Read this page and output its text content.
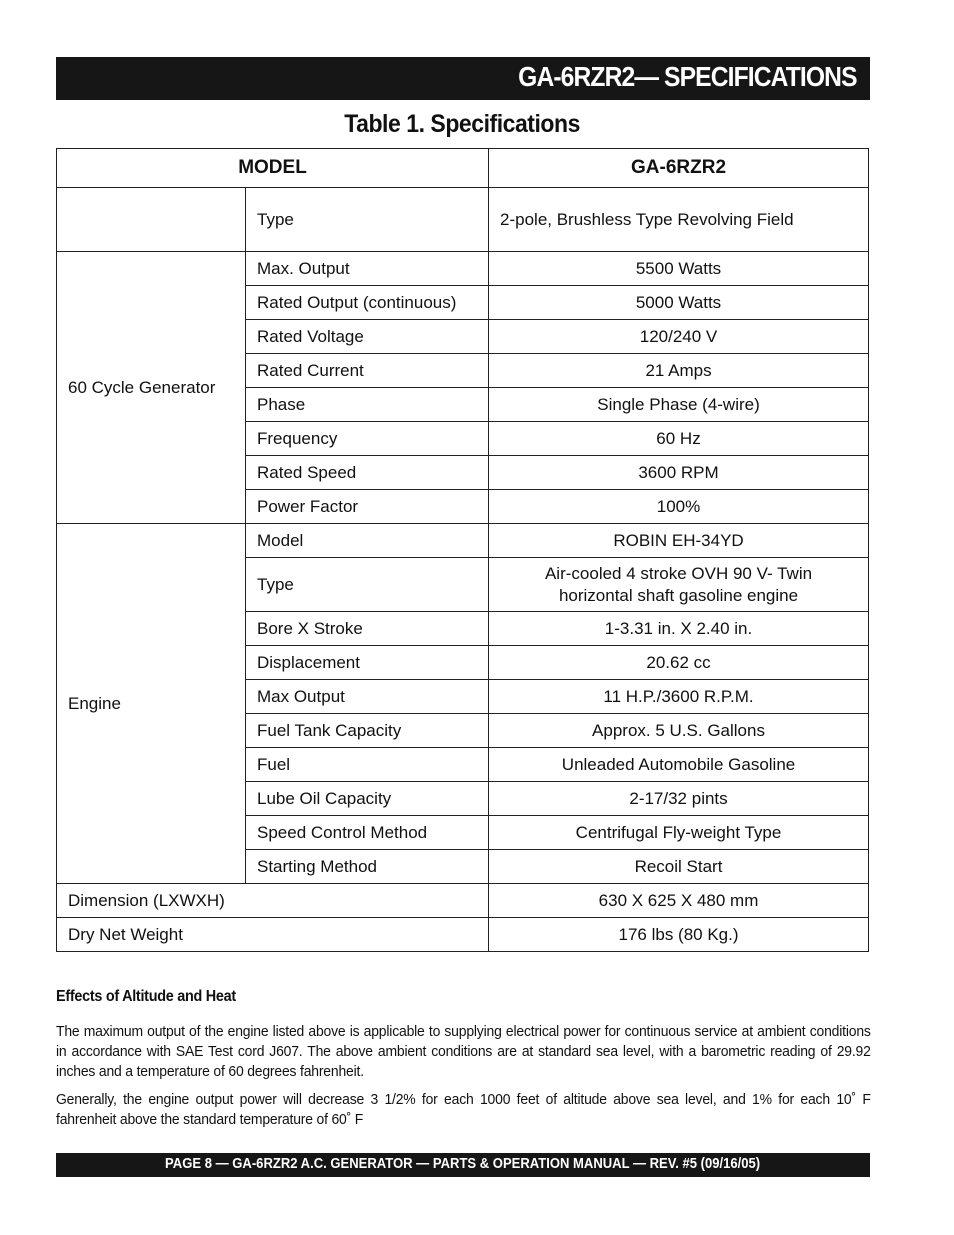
GA-6RZR2— SPECIFICATIONS
Table 1. Specifications
MODEL		GA-6RZR2
	Type	2-pole, Brushless Type Revolving Field
60 Cycle Generator	Max. Output	5500 Watts
	Rated Output (continuous)	5000 Watts
	Rated Voltage	120/240 V
	Rated Current	21 Amps
	Phase	Single Phase (4-wire)
	Frequency	60 Hz
	Rated Speed	3600 RPM
	Power Factor	100%
Engine	Model	ROBIN EH-34YD
	Type	Air-cooled 4 stroke OVH 90 V- Twin
horizontal shaft gasoline engine

	Bore X Stroke	1-3.31 in. X 2.40 in.
	Displacement	20.62 cc
	Max Output	11 H.P./3600 R.P.M.
	Fuel Tank Capacity	Approx. 5 U.S. Gallons
	Fuel	Unleaded Automobile Gasoline
	Lube Oil Capacity	2-17/32 pints
	Speed Control Method	Centrifugal Fly-weight Type
	Starting Method	Recoil Start
Dimension (LXWXH)		630 X 625 X 480 mm
Dry Net Weight		176 lbs (80 Kg.)
Effects of Altitude and Heat
The maximum output of the engine listed above is applicable to supplying electrical power for continuous service at ambient conditions in accordance with SAE Test cord J607. The above ambient conditions are at standard sea level, with a barometric reading of 29.92 inches and a temperature of 60 degrees fahrenheit.
Generally, the engine output power will decrease 3 1/2% for each 1000 feet of altitude above sea level, and 1% for each 10˚ F fahrenheit above the standard temperature of 60˚ F
PAGE 8 — GA-6RZR2 A.C. GENERATOR — PARTS & OPERATION MANUAL — REV. #5 (09/16/05)
